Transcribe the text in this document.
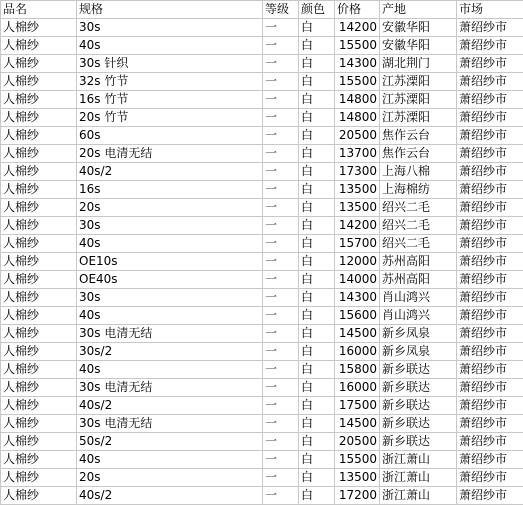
品名	规格	等级	颜色	价格	产地	市场
人棉纱	30s	一	白	14200	安徽华阳	萧绍纱市
人棉纱	40s	一	白	15500	安徽华阳	萧绍纱市
人棉纱	30s 针织	一	白	14300	湖北荆门	萧绍纱市
人棉纱	32s 竹节	一	白	15500	江苏溧阳	萧绍纱市
人棉纱	16s 竹节	一	白	14800	江苏溧阳	萧绍纱市
人棉纱	20s 竹节	一	白	14800	江苏溧阳	萧绍纱市
人棉纱	60s	一	白	20500	焦作云台	萧绍纱市
人棉纱	20s 电清无结	一	白	13700	焦作云台	萧绍纱市
人棉纱	40s/2	一	白	17300	上海八棉	萧绍纱市
人棉纱	16s	一	白	13500	上海棉纺	萧绍纱市
人棉纱	20s	一	白	13500	绍兴二毛	萧绍纱市
人棉纱	30s	一	白	14200	绍兴二毛	萧绍纱市
人棉纱	40s	一	白	15700	绍兴二毛	萧绍纱市
人棉纱	OE10s	一	白	12000	苏州高阳	萧绍纱市
人棉纱	OE40s	一	白	14000	苏州高阳	萧绍纱市
人棉纱	30s	一	白	14300	肖山鸿兴	萧绍纱市
人棉纱	40s	一	白	15600	肖山鸿兴	萧绍纱市
人棉纱	30s 电清无结	一	白	14500	新乡凤泉	萧绍纱市
人棉纱	30s/2	一	白	16000	新乡凤泉	萧绍纱市
人棉纱	40s	一	白	15800	新乡联达	萧绍纱市
人棉纱	30s 电清无结	一	白	16000	新乡联达	萧绍纱市
人棉纱	40s/2	一	白	17500	新乡联达	萧绍纱市
人棉纱	30s 电清无结	一	白	14500	新乡联达	萧绍纱市
人棉纱	50s/2	一	白	20500	新乡联达	萧绍纱市
人棉纱	40s	一	白	15500	浙江萧山	萧绍纱市
人棉纱	20s	一	白	13500	浙江萧山	萧绍纱市
人棉纱	40s/2	一	白	17200	浙江萧山	萧绍纱市
